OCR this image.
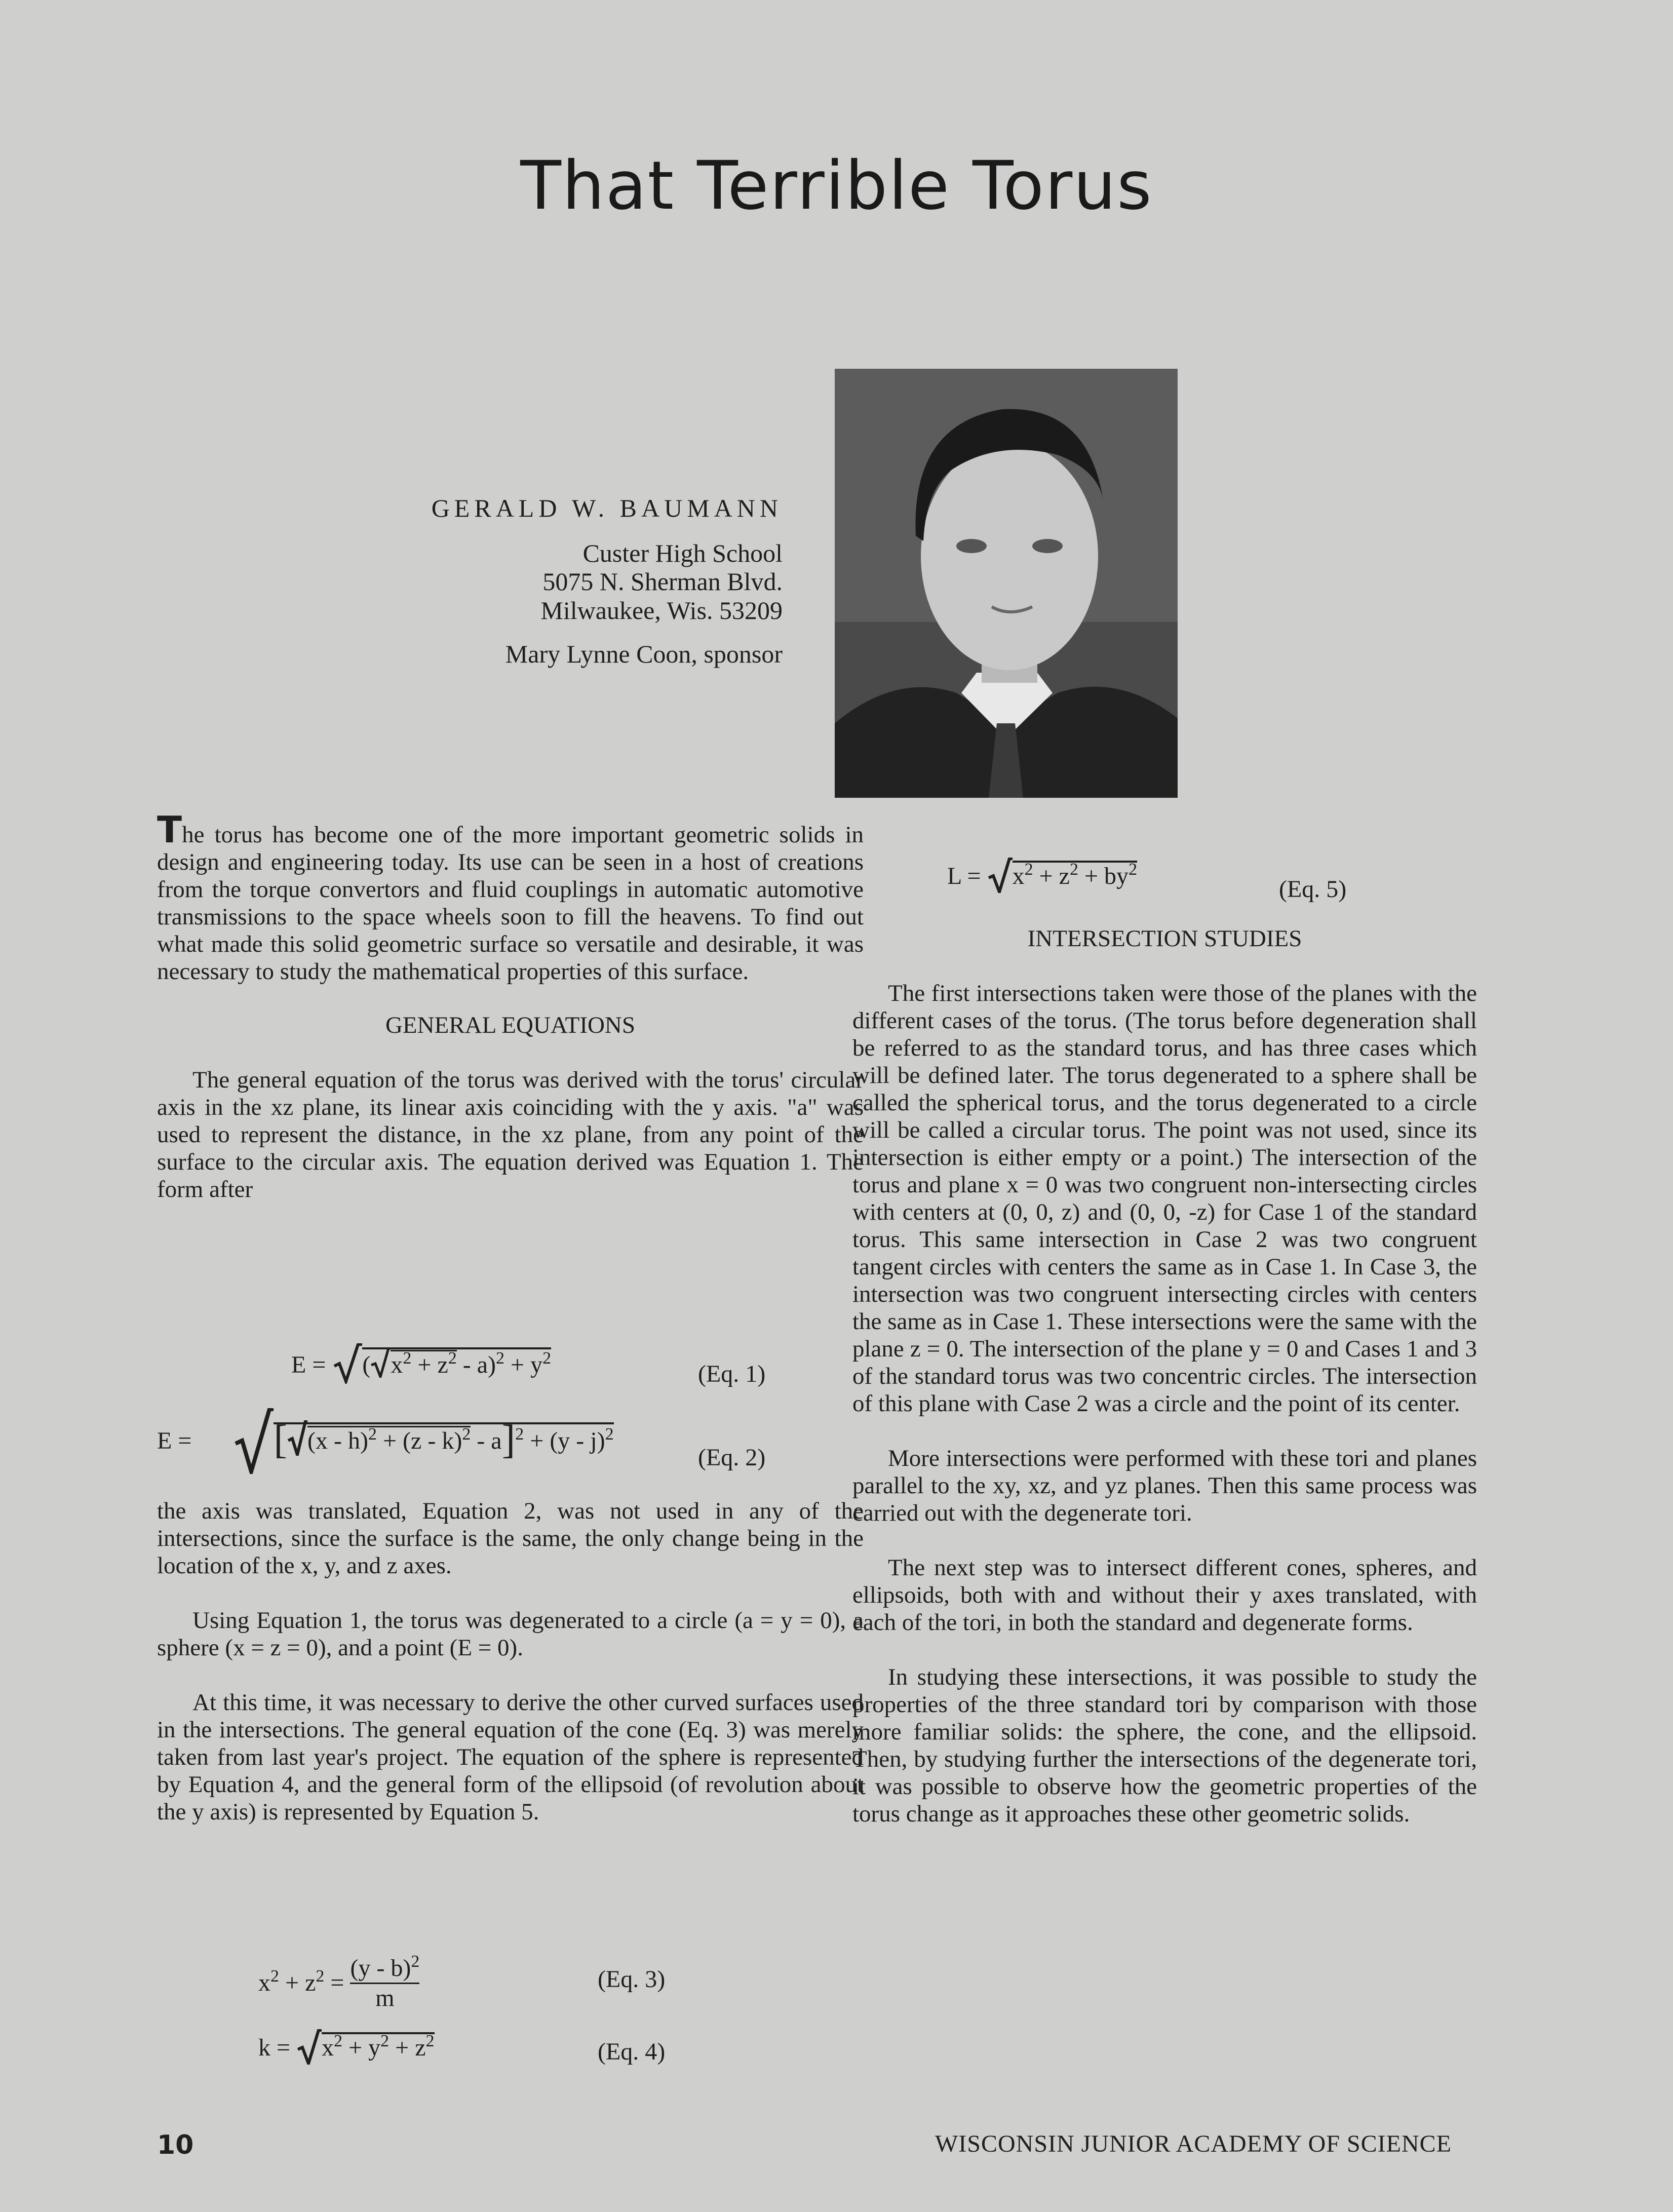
That Terrible Torus
GERALD W. BAUMANN
Custer High School
5075 N. Sherman Blvd.
Milwaukee, Wis. 53209
Mary Lynne Coon, sponsor

The torus has become one of the more important geometric solids in design and engineering today. Its use can be seen in a host of creations from the torque convertors and fluid couplings in automatic automotive transmissions to the space wheels soon to fill the heavens. To find out what made this solid geometric surface so versatile and desirable, it was necessary to study the mathematical properties of this surface.

GENERAL EQUATIONS

The general equation of the torus was derived with the torus' circular axis in the xz plane, its linear axis coinciding with the y axis. "a" was used to represent the distance, in the xz plane, from any point of the surface to the circular axis. The equation derived was Equation 1. The form after

E = ( $x^2 + z^2 - a)^2 + y^2$
(Eq. 1)
E = [ (x - h)$^2$ + (z - k)$^2$ - a]$^2$ + (y - j)$^2$
(Eq. 2)

the axis was translated, Equation 2, was not used in any of the intersections, since the surface is the same, the only change being in the location of the x, y, and z axes.

Using Equation 1, the torus was degenerated to a circle (a = y = 0), a sphere (x = z = 0), and a point (E = 0).

At this time, it was necessary to derive the other curved surfaces used in the intersections. The general equation of the cone (Eq. 3) was merely taken from last year's project. The equation of the sphere is represented by Equation 4, and the general form of the ellipsoid (of revolution about the y axis) is represented by Equation 5.

$x^2 + z^2 = \frac{(y - b)^2}{m}$	(Eq. 3)
$k = x^2 + y^2 + z^2$	(Eq. 4)
$L = x^2 + z^2 + by^2$
(Eq. 5)

INTERSECTION STUDIES

The first intersections taken were those of the planes with the different cases of the torus. (The torus before degeneration shall be referred to as the standard torus, and has three cases which will be defined later. The torus degenerated to a sphere shall be called the spherical torus, and the torus degenerated to a circle will be called a circular torus. The point was not used, since its intersection is either empty or a point.) The intersection of the torus and plane x = 0 was two congruent non-intersecting circles with centers at (0, 0, z) and (0, 0, -z) for Case 1 of the standard torus. This same intersection in Case 2 was two congruent tangent circles with centers the same as in Case 1. In Case 3, the intersection was two congruent intersecting circles with centers the same as in Case 1. These intersections were the same with the plane z = 0. The intersection of the plane y = 0 and Cases 1 and 3 of the standard torus was two concentric circles. The intersection of this plane with Case 2 was a circle and the point of its center.

More intersections were performed with these tori and planes parallel to the xy, xz, and yz planes. Then this same process was carried out with the degenerate tori.

The next step was to intersect different cones, spheres, and ellipsoids, both with and without their y axes translated, with each of the tori, in both the standard and degenerate forms.

In studying these intersections, it was possible to study the properties of the three standard tori by comparison with those more familiar solids: the sphere, the cone, and the ellipsoid. Then, by studying further the intersections of the degenerate tori, it was possible to observe how the geometric properties of the torus change as it approaches these other geometric solids.

10	WISCONSIN JUNIOR ACADEMY OF SCIENCE
